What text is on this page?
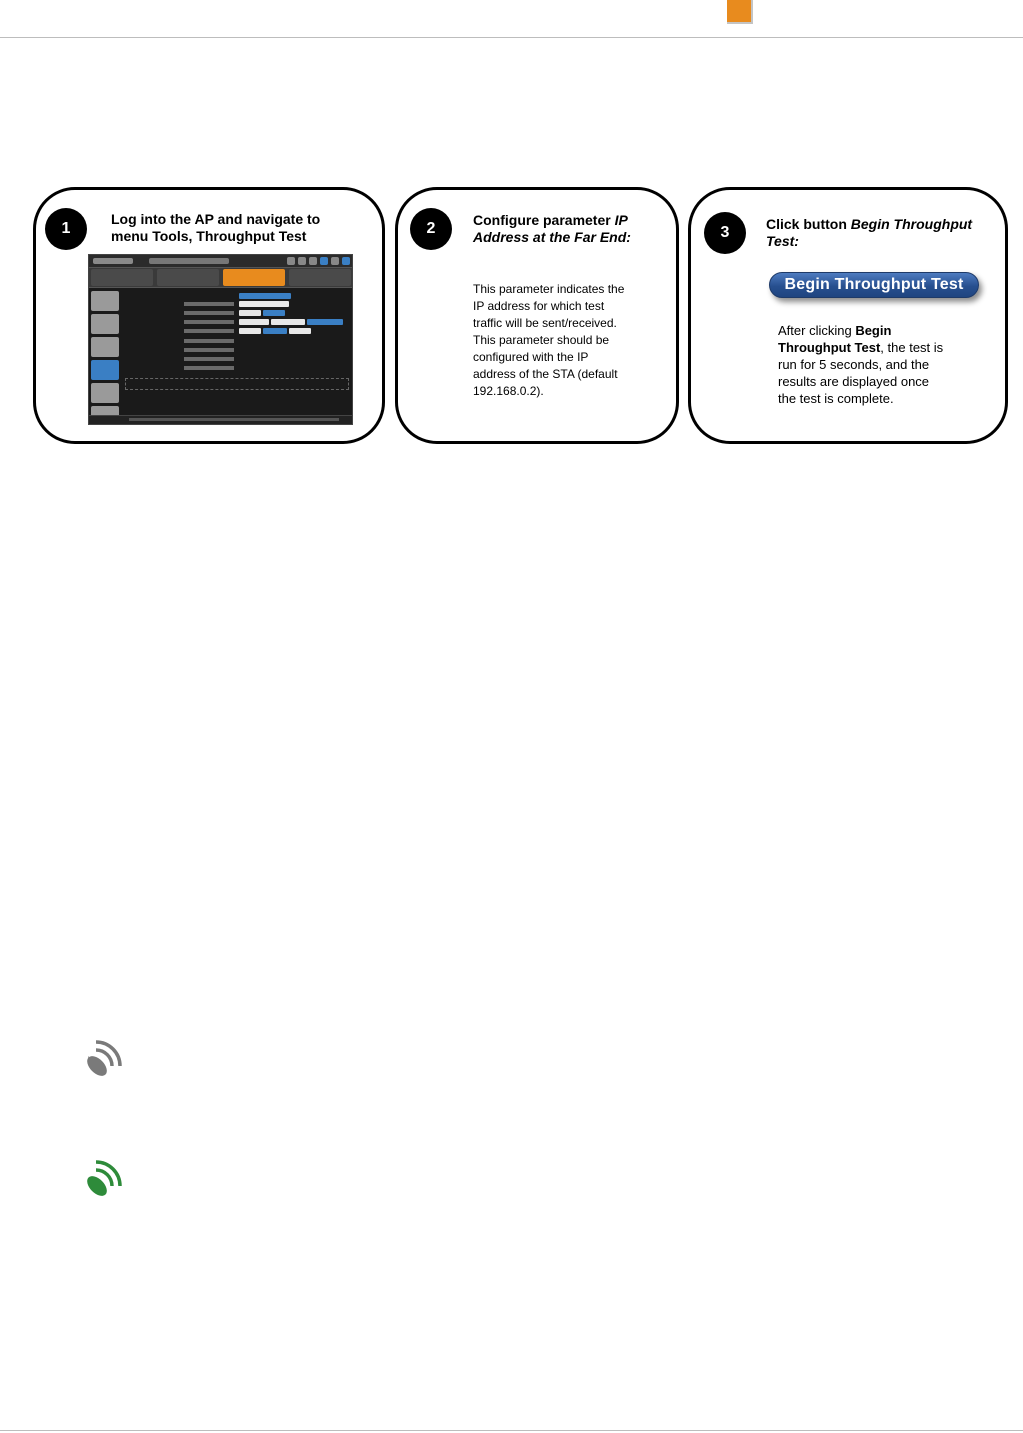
1
Log into the AP and navigate to menu Tools, Throughput Test	2	Configure parameter IP Address at the Far End:
This parameter indicates the IP address for which test traffic will be sent/received. This parameter should be configured with the IP address of the STA (default 192.168.0.2).
3	Click button Begin Throughput Test:
Begin Throughput Test
After clicking Begin Throughput Test, the test is run for 5 seconds, and the results are displayed once the test is complete.
